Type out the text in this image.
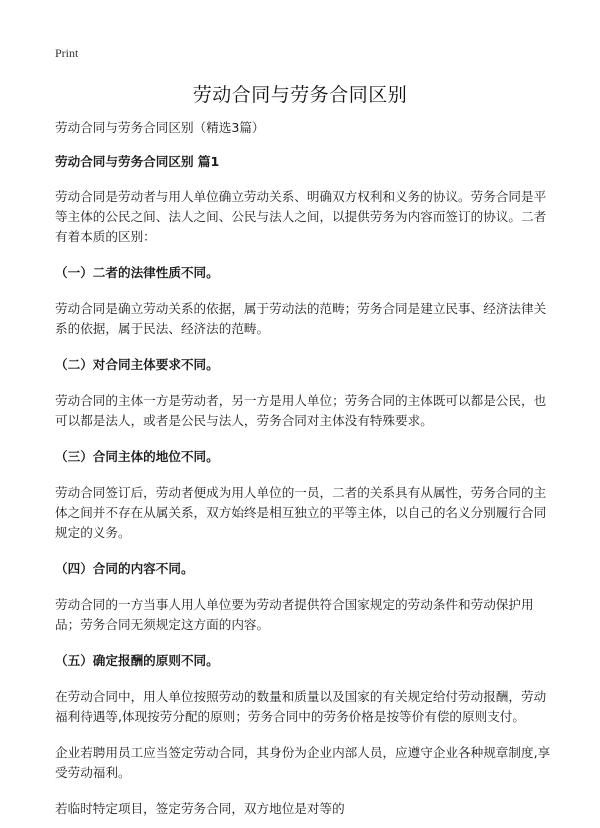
Print
劳动合同与劳务合同区别

劳动合同与劳务合同区别（精选3篇）

劳动合同与劳务合同区别 篇1

劳动合同是劳动者与用人单位确立劳动关系、明确双方权利和义务的协议。劳务合同是平等主体的公民之间、法人之间、公民与法人之间，以提供劳务为内容而签订的协议。二者有着本质的区别：

（一）二者的法律性质不同。

劳动合同是确立劳动关系的依据，属于劳动法的范畴；劳务合同是建立民事、经济法律关系的依据，属于民法、经济法的范畴。

（二）对合同主体要求不同。

劳动合同的主体一方是劳动者，另一方是用人单位；劳务合同的主体既可以都是公民，也可以都是法人，或者是公民与法人，劳务合同对主体没有特殊要求。

（三）合同主体的地位不同。

劳动合同签订后，劳动者便成为用人单位的一员，二者的关系具有从属性，劳务合同的主体之间并不存在从属关系，双方始终是相互独立的平等主体，以自己的名义分别履行合同规定的义务。

（四）合同的内容不同。

劳动合同的一方当事人用人单位要为劳动者提供符合国家规定的劳动条件和劳动保护用品；劳务合同无须规定这方面的内容。

（五）确定报酬的原则不同。

在劳动合同中，用人单位按照劳动的数量和质量以及国家的有关规定给付劳动报酬，劳动福利待遇等,体现按劳分配的原则；劳务合同中的劳务价格是按等价有偿的原则支付。

企业若聘用员工应当签定劳动合同，其身份为企业内部人员，应遵守企业各种规章制度,享受劳动福利。

若临时特定项目，签定劳务合同，双方地位是对等的
